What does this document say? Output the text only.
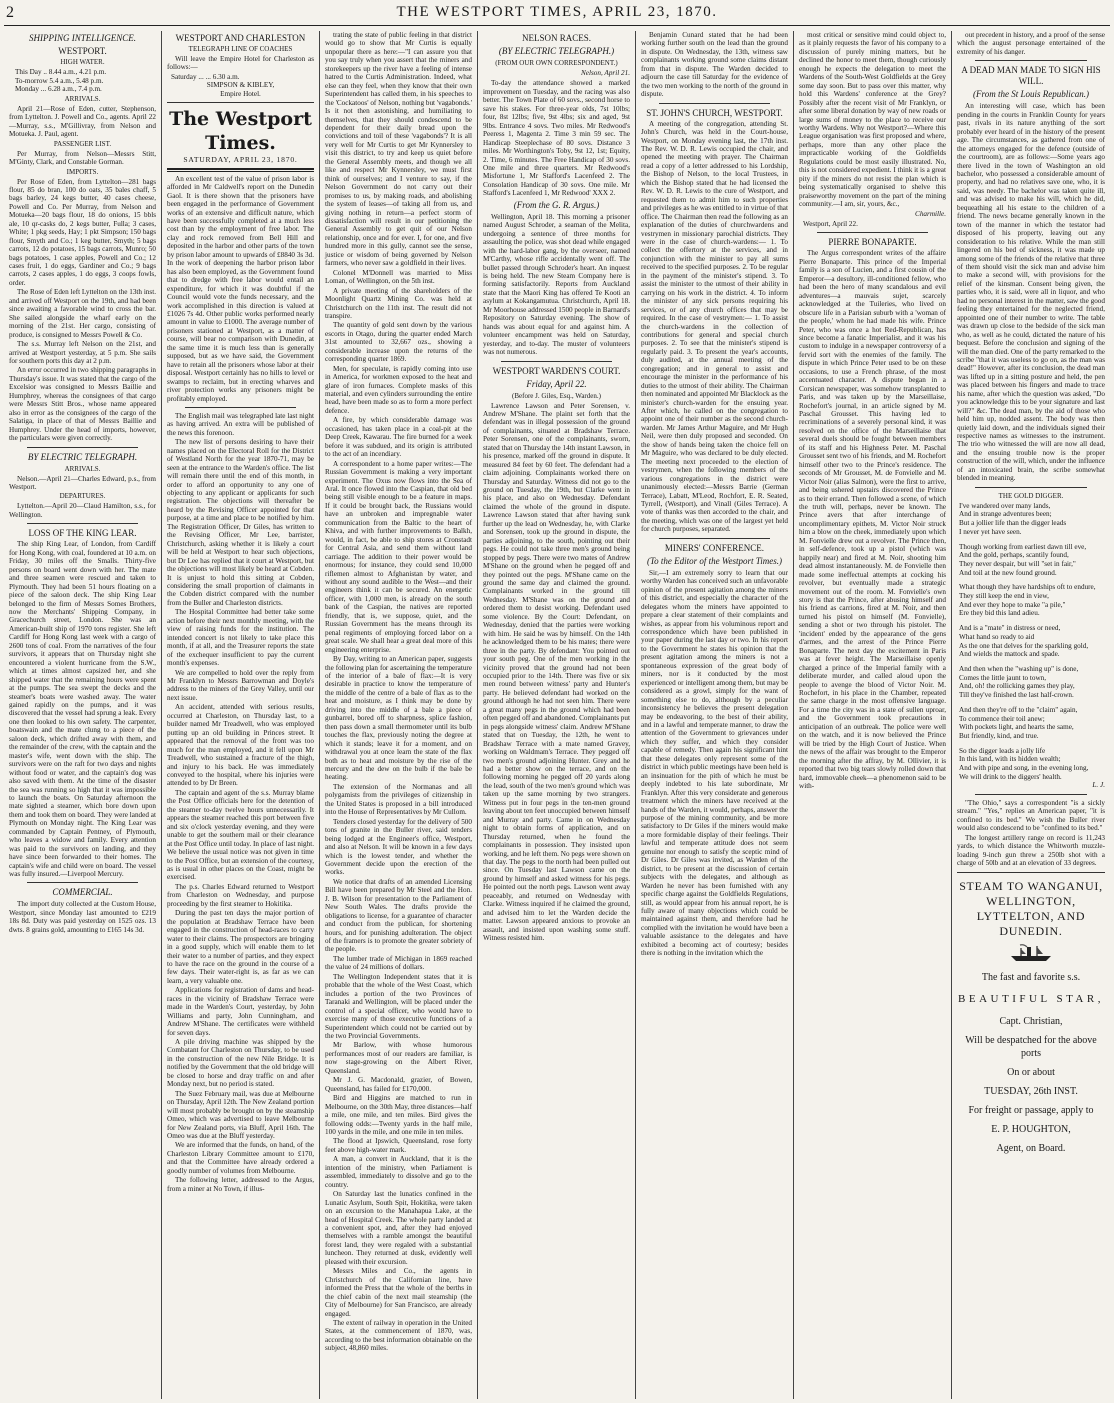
2	THE WESTPORT TIMES, APRIL 23, 1870.
SHIPPING INTELLIGENCE.
WESTPORT.
HIGH WATER.
This Day .. 8.44 a.m., 4.21 p.m.
To-morrow 5.4 a.m., 5.48 p.m.
Monday ... 6.28 a.m., 7.4 p.m.
ARRIVALS.

April 21—Rose of Eden, cutter, Stephenson, from Lyttelton. J. Powell and Co., agents. April 22—Murray, s.s., M'Gillivray, from Nelson and Motueka. J. Paul, agent.

PASSENGER LIST.

Per Murray, from Nelson—Messrs Stitt, M'Ginty, Clark, and Constable Gorman.

IMPORTS.

Per Rose of Eden, from Lyttelton—281 bags flour, 85 do bran, 100 do oats, 35 bales chaff, 5 bags barley, 24 kegs butter, 40 cases cheese, Powell and Co. Per Murray, from Nelson and Motueka—20 bags flour, 18 do onions, 15 bbls ale, 10 qr-casks do, 2 kegs butter, Fulla; 3 cases, White; 1 pkg seeds, Hay; 1 pkt Simpson; 150 bags flour, Smyth and Co.; 1 keg butter, Smyth; 5 bags carrots, 12 do potatoes, 15 bags carrots, Munro; 50 bags potatoes, 1 case apples, Powell and Co.; 12 cases fruit, 1 do eggs, Gardiner and Co.; 9 bags carrots, 2 cases apples, 1 do eggs, 3 coops fowls, order.

The Rose of Eden left Lyttelton on the 13th inst. and arrived off Westport on the 19th, and had been since awaiting a favorable wind to cross the bar. She sailed alongside the wharf early on the morning of the 21st. Her cargo, consisting of produce, is consigned to Messrs Powell & Co.

The s.s. Murray left Nelson on the 21st, and arrived at Westport yesterday, at 5 p.m. She sails for southern ports this day at 2 p.m.

An error occurred in two shipping paragraphs in Thursday's issue. It was stated that the cargo of the Excelsior was consigned to Messrs Baillie and Humphrey, whereas the consignees of that cargo were Messrs Stitt Bros., whose name appeared also in error as the consignees of the cargo of the Salatiga, in place of that of Messrs Baillie and Humphrey. Under the head of imports, however, the particulars were given correctly.

BY ELECTRIC TELEGRAPH.
ARRIVALS.

Nelson.—April 21—Charles Edward, p.s., from Westport.

DEPARTURES.

Lyttelton.—April 20—Claud Hamilton, s.s., for Wellington.

LOSS OF THE KING LEAR.

The ship King Lear, of London, from Cardiff for Hong Kong, with coal, foundered at 10 a.m. on Friday, 30 miles off the Smalls. Thirty-five persons on board went down with her. The mate and three seamen were rescued and taken to Plymouth. They had been 51 hours floating on a piece of the saloon deck. The ship King Lear belonged to the firm of Messrs Somes Brothers, now the Merchants' Shipping Company, in Gracechurch street, London. She was an American-built ship of 1970 tons register. She left Cardiff for Hong Kong last week with a cargo of 2600 tons of coal. From the narratives of the four survivors, it appears that on Thursday night she encountered a violent hurricane from the S.W., which at times almost capsized her, and she shipped water that the remaining hours were spent at the pumps. The sea swept the decks and the steamer's boats were washed away. The water gained rapidly on the pumps, and it was discovered that the vessel had sprung a leak. Every one then looked to his own safety. The carpenter, boatswain and the mate clung to a piece of the saloon deck, which drifted away with them, and the remainder of the crew, with the captain and the master's wife, went down with the ship. The survivors were on the raft for two days and nights without food or water, and the captain's dog was also saved with them. At the time of the disaster the sea was running so high that it was impossible to launch the boats. On Saturday afternoon the mate sighted a steamer, which bore down upon them and took them on board. They were landed at Plymouth on Monday night. The King Lear was commanded by Captain Pentney, of Plymouth, who leaves a widow and family. Every attention was paid to the survivors on landing, and they have since been forwarded to their homes. The captain's wife and child were on board. The vessel was fully insured.—Liverpool Mercury.

COMMERCIAL.

The import duty collected at the Custom House, Westport, since Monday last amounted to £219 18s 8d. Duty was paid yesterday on 1525 ozs. 13 dwts. 8 grains gold, amounting to £165 14s 3d.

WESTPORT AND CHARLESTON
TELEGRAPH LINE OF COACHES

Will leave the Empire Hotel for Charleston as follows:—

Saturday ... ... 6.30 a.m.
SIMPSON & KIBLEY,
Empire Hotel.
The Westport Times.
SATURDAY, APRIL 23, 1870.

An excellent test of the value of prison labor is afforded in Mr Caldwell's report on the Dunedin Gaol. It is there shown that the prisoners have been engaged in the performance of Government works of an extensive and difficult nature, which have been successfully completed at a much less cost than by the employment of free labor. The clay and rock removed from Bell Hill and deposited in the harbor and other parts of the town by prison labor amount to upwards of £8840 3s 3d. In the work of deepening the harbor prison labor has also been employed, as the Government found that to dredge with free labor would entail an expenditure, for which it was doubtful if the Council would vote the funds necessary, and the work accomplished in this direction is valued at £1026 7s 4d. Other public works performed nearly amount in value to £1000. The average number of prisoners stationed at Westport, as a matter of course, will bear no comparison with Dunedin, at the same time it is much less than is generally supposed, but as we have said, the Government have to retain all the prisoners whose labor at their disposal. Westport certainly has no hills to level or swamps to reclaim, but in erecting wharves and river protection works any prisoners might be profitably employed.

The English mail was telegraphed late last night as having arrived. An extra will be published of the news this forenoon.

The new list of persons desiring to have their names placed on the Electoral Roll for the District of Westland North for the year 1870-71, may be seen at the entrance to the Warden's office. The list will remain there until the end of this month, in order to afford an opportunity to any one of objecting to any applicant or applicants for such registration. The objections will thereafter be heard by the Revising Officer appointed for that purpose, at a time and place to be notified by him. The Registration Officer, Dr Giles, has written to the Revising Officer, Mr Lee, barrister, Christchurch, asking whether it is likely a court will be held at Westport to hear such objections, but Dr Lee has replied that it court at Westport, but the objections will most likely be heard at Cobden. It is unjust to hold this sitting at Cobden, considering the small proportion of claimants in the Cobden district compared with the number from the Buller and Charleston districts.

The Hospital Committee had better take some action before their next monthly meeting, with the view of raising funds for the institution. The intended concert is not likely to take place this month, if at all, and the Treasurer reports the state of the exchequer insufficient to pay the current month's expenses.

We are compelled to hold over the reply from Mr Franklyn to Messrs Barrowman and Doyle's address to the miners of the Grey Valley, until our next issue.

An accident, attended with serious results, occurred at Charleston, on Thursday last, to a builder named Mr Treadwell, who was employed putting up an old building in Princes street. It appeared that the removal of the front was too much for the man employed, and it fell upon Mr Treadwell, who sustained a fracture of the thigh, and injury to his back. He was immediately conveyed to the hospital, where his injuries were attended to by Dr Breen.

The captain and agent of the s.s. Murray blame the Post Office officials here for the detention of the steamer to-day twelve hours unnecessarily. It appears the steamer reached this port between five and six o'clock yesterday evening, and they were unable to get the southern mail or their clearance at the Post Office until today. In place of last night. We believe the usual notice was not given in time to the Post Office, but an extension of the courtesy, as is usual in other places on the Coast, might be exercised.

The p.s. Charles Edward returned to Westport from Charleston on Wednesday, and purpose proceeding by the first steamer to Hokitika.

During the past ten days the major portion of the population at Bradshaw Terrace have been engaged in the construction of head-races to carry water to their claims. The prospectors are bringing in a good supply, which will enable them to let their water to a number of parties, and they expect to have the race on the ground in the course of a few days. Their water-right is, as far as we can learn, a very valuable one.

Applications for registration of dams and head-races in the vicinity of Bradshaw Terrace were made in the Warden's Court, yesterday, by John Williams and party, John Cunningham, and Andrew M'Shane. The certificates were withheld for seven days.

A pile driving machine was shipped by the Combatant for Charleston on Thursday, to be used in the construction of the new Nile Bridge. It is notified by the Government that the old bridge will be closed to horse and dray traffic on and after Monday next, but no period is stated.

The Suez February mail, was due at Melbourne on Thursday, April 12th. The New Zealand portion will most probably be brought on by the steamship Omeo, which was advertised to leave Melbourne for New Zealand ports, via Bluff, April 16th. The Omeo was due at the Bluff yesterday.

We are informed that the funds, on hand, of the Charleston Library Committee amount to £170, and that the Committee have already ordered a goodly number of volumes from Melbourne.

The following letter, addressed to the Argus, from a miner at No Town, if illus-

trating the state of public feeling in that district would go to show that Mr Curtis is equally unpopular there as here:—"I can assure you that you say truly when you assert that the miners and storekeepers up the river have a feeling of intense hatred to the Curtis Administration. Indeed, what else can they feel, when they know that their own Superintendent has called them, in his speeches to the 'Cockatoos' of Nelson, nothing but 'vagabonds.' Is it not then astonishing, and humiliating to themselves, that they should condescend to be dependent for their daily bread upon the convictions and toil of these 'vagabonds'? It is all very well for Mr Curtis to get Mr Kynnersley to visit this district, to try and keep us quiet before the General Assembly meets, and though we all like and respect Mr Kynnersley, we must first think of ourselves; and I venture to say, if the Nelson Government do not carry out their promises to us, by making roads, and abolishing the system of leases—of taking all from us, and giving nothing in return—a perfect storm of dissatisfaction will result in our petitioning the General Assembly to get quit of our Nelson relationship, once and for ever. I, for one, and five hundred more in this gully, cannot see the sense, justice or wisdom of being governed by Nelson farmers, who never saw a goldfield in their lives.

Colonel M'Donnell was married to Miss Loman, of Wellington, on the 5th inst.

A private meeting of the shareholders of the Moonlight Quartz Mining Co. was held at Christchurch on the 11th inst. The result did not transpire.

The quantity of gold sent down by the various escorts in Otago, during the quarter ended March 31st amounted to 32,667 ozs., showing a considerable increase upon the returns of the corresponding quarter 1869.

Men, for speculate, is rapidly coming into use in America, for workmen exposed to the heat and glare of iron furnaces. Complete masks of this material, and even cylinders surrounding the entire head, have been made so as to form a more perfect defence.

A fire, by which considerable damage was occasioned, has taken place in a coal-pit at the Deep Creek, Kawarau. The fire burned for a week before it was subdued, and its origin is attributed to the act of an incendiary.

A correspondent to a home paper writes:—The Russian Government is making a very important experiment. The Oxus now flows into the Sea of Aral. It once flowed into the Caspian, that old bed being still visible enough to be a feature in maps. If it could be brought back, the Russians would have an unbroken and impregnable water communication from the Baltic to the heart of Khiva, and with further improvements to Balkh, would, in fact, be able to ship stores at Cronstadt for Central Asia, and send them without land carriage. The addition to their power would be enormous; for instance, they could send 10,000 riflemen almost to Afghanistan by water, and without any sound audible to the West—and their engineers think it can be secured. An energetic officer, with 1,000 men, is already on the south bank of the Caspian, the natives are reported friendly, that is, we suppose, quiet, and the Russian Government has the means through its penal regiments of employing forced labor on a great scale. We shall hear a great deal more of this engineering enterprise.

By Day, writing to an American paper, suggests the following plan for ascertaining the temperature of the interior of a bale of flax:—It is very desirable in practice to know the temperature of the middle of the centre of a bale of flax as to the heat and moisture, as I think may be done by driving into the middle of a bale a piece of gunbarrel, bored off to sharpness, splice fashion, then pass down a small thermometer until its bulb touches the flax, previously noting the degree at which it stands; leave it for a moment, and on withdrawal you at once learn the state of the flax both as to heat and moisture by the rise of the mercury and the dew on the bulb if the bale be heating.

The extension of the Normanas and all polygamists from the privileges of citizenship in the United States is proposed in a bill introduced into the House of Representatives by Mr Cullom.

Tenders closed yesterday for the delivery of 500 tons of granite in the Buller river, said tenders being lodged at the Engineer's office, Westport, and also at Nelson. It will be known in a few days which is the lowest tender, and whether the Government decide upon the erection of the works.

We notice that drafts of an amended Licensing Bill have been prepared by Mr Steel and the Hon. J. B. Wilson for presentation to the Parliament of New South Wales. The drafts provide the obligations to license, for a guarantee of character and conduct from the publican, for shortening hours, and for punishing adulteration. The object of the framers is to promote the greater sobriety of the people.

The lumber trade of Michigan in 1869 reached the value of 24 millions of dollars.

The Wellington Independent states that it is probable that the whole of the West Coast, which includes a portion of the two Provinces of Taranaki and Wellington, will be placed under the control of a special officer, who would have to exercise many of those executive functions of a Superintendent which could not be carried out by the two Provincial Governments.

Mr Barlow, with whose humorous performances most of our readers are familiar, is now stage-growing on the Albert River, Queensland.

Mr J. G. Macdonald, grazier, of Bowen, Queensland, has failed for £170,000.

Bird and Higgins are matched to run in Melbourne, on the 30th May, three distances—half a mile, one mile, and ten miles. Bird gives the following odds:—Twenty yards in the half mile, 100 yards in the mile, and one mile in ten miles.

The flood at Ipswich, Queensland, rose forty feet above high-water mark.

A man, a convert in Auckland, that it is the intention of the ministry, when Parliament is assembled, immediately to dissolve and go to the country.

On Saturday last the lunatics confined in the Lunatic Asylum, South Spit, Hokitika, were taken on an excursion to the Manahapua Lake, at the head of Hospital Creek. The whole party landed at a convenient spot, and, after they had enjoyed themselves with a ramble amongst the beautiful forest land, they were regaled with a substantial luncheon. They returned at dusk, evidently well pleased with their excursion.

Messrs Miles and Co., the agents in Christchurch of the Californian line, have informed the Press that the whole of the berths in the chief cabin of the next mail steamship (the City of Melbourne) for San Francisco, are already engaged.

The extent of railway in operation in the United States, at the commencement of 1870, was, according to the best information obtainable on the subject, 48,860 miles.

NELSON RACES.
(BY ELECTRIC TELEGRAPH.)
(FROM OUR OWN CORRESPONDENT.)
Nelson, April 21.

To-day the attendance showed a marked improvement on Tuesday, and the racing was also better. The Town Plate of 60 sovs., second horse to save his stakes. For three-year olds, 7st 10lbs; four, 8st 12lbs; five, 9st 4lbs; six and aged, 9st 9lbs. Entrance 4 sovs. Two miles. Mr Redwood's Peeress 1, Magenta 2. Time 3 min 59 sec. The Handicap Steeplechase of 80 sovs. Distance 3 miles. Mr Worthington's Toby, 9st 12, 1st; Equity, 2. Time, 6 minutes. The Free Handicap of 30 sovs. One mile and three quarters. Mr Redwood's Misfortune 1, Mr Stafford's Lacenfeed 2. The Consolation Handicap of 30 sovs. One mile. Mr Stafford's Lacenfeed 1, Mr Redwood' XXX 2.

(From the G. R. Argus.)

Wellington, April 18. This morning a prisoner named August Schroder, a seaman of the Melita, undergoing a sentence of three months for assaulting the police, was shot dead while engaged with the hard-labor gang, by the overseer, named M'Carthy, whose rifle accidentally went off. The bullet passed through Schroder's heart. An inquest is being held. The new Steam Company here is forming satisfactorily. Reports from Auckland state that the Maori King has offered Te Kooti an asylum at Kokangamutua. Christchurch, April 18. Mr Moorhouse addressed 1500 people in Barnard's Repository on Saturday evening. The show of hands was about equal for and against him. A volunteer encampment was held on Saturday, yesterday, and to-day. The muster of volunteers was not numerous.

WESTPORT WARDEN'S COURT.
Friday, April 22.
(Before J. Giles, Esq., Warden.)

Lawrence Lawson and Peter Sorensen, v. Andrew M'Shane. The plaint set forth that the defendant was in illegal possession of the ground of complainants, situated at Bradshaw Terrace. Peter Sorensen, one of the complainants, sworn, stated that on Thursday the 14th instant Lawson, in his presence, marked off the ground in dispute. It measured 84 feet by 60 feet. The defendant had a claim adjoining. Complainants worked there on Thursday and Saturday. Witness did not go to the ground on Tuesday, the 19th, but Clarke went in his place, and also on Wednesday. Defendant claimed the whole of the ground in dispute. Lawrence Lawson stated that after having sunk further up the lead on Wednesday, he, with Clarke and Sorensen, took up the ground in dispute, the parties adjoining, to the south, pointing out their pegs. He could not take three men's ground being stopped by pegs. There were two mates of Andrew M'Shane on the ground when he pegged off and they pointed out the pegs. M'Shane came on the ground the same day and claimed the ground. Complainants worked in the ground till Wednesday. M'Shane was on the ground and ordered them to desist working. Defendant used some violence. By the Court: Defendant, on Wednesday, denied that the parties were working with him. He said he was by himself. On the 14th he acknowledged them to be his mates; there were three in the party. By defendant: You pointed out your south peg. One of the men working in the vicinity proved that the ground had not been occupied prior to the 14th. There was five or six men round between witness' party and Hunter's party. He believed defendant had worked on the ground although he had not seen him. There were a great many pegs in the ground which had been often pegged off and abandoned. Complainants put in pegs alongside witness' claim. Andrew M'Shane stated that on Tuesday, the 12th, he went to Bradshaw Terrace with a mate named Gravey, working on Waldmam's Terrace. They pegged off two men's ground adjoining Hunter. Grey and he had a better show on the terrace, and on the following morning he pegged off 20 yards along the lead, south of the two men's ground which was taken up the same morning by two strangers. Witness put in four pegs in the ten-men ground leaving about ten feet unoccupied between himself and Murray and party. Came in on Wednesday night to obtain forms of application, and on Thursday returned, when he found the complainants in possession. They insisted upon working, and he left them. No pegs were shown on that day. The pegs to the north had been pulled out since. On Tuesday last Lawson came on the ground by himself and asked witness for his pegs. He pointed out the north pegs. Lawson went away peaceably, and returned on Wednesday with Clarke. Witness inquired if he claimed the ground, and advised him to let the Warden decide the matter. Lawson appeared anxious to provoke an assault, and insisted upon washing some stuff. Witness resisted him.

Benjamin Cunard stated that he had been working further south on the lead than the ground in dispute. On Wednesday, the 13th, witness saw complainants working ground some claims distant from that in dispute. The Warden decided to adjourn the case till Saturday for the evidence of the two men working to the north of the ground in dispute.

ST. JOHN'S CHURCH, WESTPORT.

A meeting of the congregation, attending St. John's Church, was held in the Court-house, Westport, on Monday evening last, the 17th inst. The Rev. W. D. R. Lewis occupied the chair, and opened the meeting with prayer. The Chairman read a copy of a letter addressed to his Lordship, the Bishop of Nelson, to the local Trustees, in which the Bishop stated that he had licensed the Rev. W. D. R. Lewis to the cure of Westport, and requested them to admit him to such properties and privileges as he was entitled to in virtue of that office. The Chairman then read the following as an explanation of the duties of churchwardens and vestrymen in missionary parochial districts. They were in the case of church-wardens:— 1. To collect the offertory at the services, and in conjunction with the minister to pay all sums received to the specified purposes. 2. To be regular in the payment of the minister's stipend. 3. To assist the minister to the utmost of their ability in carrying on his work in the district. 4. To inform the minister of any sick persons requiring his services, or of any church offices that may be required. In the case of vestrymen:— 1. To assist the church-wardens in the collection of contributions for general and special church purposes. 2. To see that the minister's stipend is regularly paid. 3. To present the year's accounts, duly audited, at the annual meeting of the congregation; and in general to assist and encourage the minister in the performance of his duties to the utmost of their ability. The Chairman then nominated and appointed Mr Blacklock as the minister's church-warden for the ensuing year. After which, he called on the congregation to appoint one of their number as the second church-warden. Mr James Arthur Maguire, and Mr Hugh Neil, were then duly proposed and seconded. On the show of hands being taken the choice fell on Mr Maguire, who was declared to be duly elected. The meeting next proceeded to the election of vestrymen, when the following members of the various congregations in the district were unanimously elected:—Messrs Barrie (German Terrace), Labatt, M'Leod, Rochfort, E. R. Seated, Tyrrell, (Westport), and Vinall (Giles Terrace). A vote of thanks was then accorded to the chair, and the meeting, which was one of the largest yet held for church purposes, separated.

MINERS' CONFERENCE.
(To the Editor of the Westport Times.)

Sir,—I am extremely sorry to learn that our worthy Warden has conceived such an unfavorable opinion of the present agitation among the miners of this district, and especially the character of the delegates whom the miners have appointed to prepare a clear statement of their complaints and wishes, as appear from his voluminous report and correspondence which have been published in your paper during the last day or two. In his report to the Government he states his opinion that the present agitation among the miners is not a spontaneous expression of the great body of miners, nor is it conducted by the most experienced or intelligent among them, but may be considered as a growl, simply for the want of something else to do, although by a peculiar inconsistency he believes the present delegation may be endeavoring, to the best of their ability, and in a lawful and temperate manner, to draw the attention of the Government to grievances under which they suffer, and which they consider capable of remedy. Then again his significant hint that these delegates only represent some of the district in which public meetings have been held is an insinuation for the pith of which he must be deeply indebted to his late subordinate, Mr Franklyn. After this very considerate and generous treatment which the miners have received at the hands of the Warden, it would, perhaps, answer the purpose of the mining community, and be more satisfactory to Dr Giles if the miners would make a more formidable display of their feelings. Their lawful and temperate attitude does not seem genuine nor enough to satisfy the sceptic mind of Dr Giles. Dr Giles was invited, as Warden of the district, to be present at the discussion of certain subjects with the delegates, and although as Warden he never has been furnished with any specific charge against the Goldfields Regulations, still, as would appear from his annual report, he is fully aware of many objections which could be maintained against them, and therefore had he complied with the invitation he would have been a valuable assistance to the delegates and have exhibited a becoming act of courtesy; besides there is nothing in the invitation which the

most critical or sensitive mind could object to, as it plainly requests the favor of his company to a discussion of purely mining matters, but he declined the honor to meet them, though curiously enough he expects the delegation to meet the Wardens of the South-West Goldfields at the Grey some day soon. But to pass over this matter, why hold this Wardens' conference at the Grey? Possibly after the recent visit of Mr Franklyn, or after some liberal donation by way of new roads or large sums of money to the place to receive our worthy Wardens. Why not Westport?—Where this League organisation was first proposed and where, perhaps, more than any other place the impracticable working of the Goldfields Regulations could be most easily illustrated. No, this is not considered expedient. I think it is a great pity if the miners do not resist the plan which is being systematically organised to shelve this praiseworthy movement on the part of the mining community.—I am, sir, yours, &c.,

Charmille.
Westport, April 22.
PIERRE BONAPARTE.

The Argus correspondent writes of the affaire Pierre Bonaparte. This prince of the Imperial family is a son of Lucien, and a first cousin of the Emperor—a desultory, ill-conditioned fellow, who had been the hero of many scandalous and evil adventures—a mauvais sujet, scarcely acknowledged at the Tuileries, who lived on obscure life in a Parisian suburb with a 'woman of the people,' whom he had made his wife. Prince Peter, who was once a hot Red-Republican, has since become a fanatic Imperialist, and it was his custom to indulge in a newspaper controversy of a fervid sort with the enemies of the family. The dispute in which Prince Peter used to be on these occasions, to use a French phrase, of the most accentuated character. A dispute began in a Corsican newspaper, was somehow transplanted to Paris, and was taken up by the Marseillaise, Rochefort's journal, in an article signed by M. Paschal Grousset. This having led to recriminations of a severely personal kind, it was resolved on the office of the Marseillaise that several duels should be fought between members of its staff and his Highness Peter. M. Paschal Grousset sent two of his friends, and M. Rochefort himself other two to the Prince's residence. The seconds of Mr Grousset, M. de Fonvielle and M. Victor Noir (alias Salmon), were the first to arrive, and being ushered upstairs discovered the Prince as to their errand. Then followed a scene, of which the truth will, perhaps, never be known. The Prince avers that after interchange of uncomplimentary epithets, M. Victor Noir struck him a blow on the cheek, immediately upon which M. Fonvielle drew out a revolver. The Prince then, in self-defence, took up a pistol (which was happily near) and fired at M. Noir, shooting him dead almost instantaneously. M. de Fonvielle then made some ineffectual attempts at cocking his revolver, but eventually made a strategic movement out of the room. M. Fonvielle's own story is that the Prince, after abusing himself and his friend as carrions, fired at M. Noir, and then turned his pistol on himself (M. Fonvielle), sending a shot or two through his pistolet. The 'incident' ended by the appearance of the gens d'armes, and the arrest of the Prince Pierre Bonaparte. The next day the excitement in Paris was at fever height. The Marseillaise openly charged a prince of the Imperial family with a deliberate murder, and called aloud upon the people to avenge the blood of Victor Noir. M. Rochefort, in his place in the Chamber, repeated the same charge in the most offensive language. For a time the city was in a state of sullen uproar, and the Government took precautions in anticipation of an outbreak. The police were well on the watch, and it is now believed the Prince will be tried by the High Court of Justice. When the news of the affair was brought to the Emperor the morning after the affray, by M. Ollivier, it is reported that two big tears slowly rolled down that hard, immovable cheek—a phenomenon said to be with-

out precedent in history, and a proof of the sense which the august personage entertained of the extremity of his danger.

A DEAD MAN MADE TO SIGN HIS WILL.
(From the St Louis Republican.)

An interesting will case, which has been pending in the courts in Franklin County for years past, rivals in its nature anything of the sort probably ever heard of in the history of the present age. The circumstances, as gathered from one of the attorneys engaged for the defence (outside of the courtroom), are as follows:—Some years ago there lived in the town of Washington an old bachelor, who possessed a considerable amount of property, and had no relatives save one, who, it is said, was needy. The bachelor was taken quite ill, and was advised to make his will, which he did, bequeathing all his estate to the children of a friend. The news became generally known in the town of the manner in which the testator had disposed of his property, leaving out any consideration to his relative. While the man still lingered on his bed of sickness, it was made up among some of the friends of the relative that three of them should visit the sick man and advise him to make a second will, with provisions for the relief of the kinsman. Consent being given, the parties who, it is said, were all in liquor, and who had no personal interest in the matter, saw the good feeling they entertained for the neglected friend, appointed one of their number to write. The table was drawn up close to the bedside of the sick man who, as well as he could, dictated the nature of his bequest. Before the conclusion and signing of the will the man died. One of the party remarked to the scribe "that it was useless to go on, as the man was dead!" However, after its conclusion, the dead man was lifted up in a sitting posture and held, the pen was placed between his fingers and made to trace his name, after which the question was asked, "Do you acknowledge this to be your signature and last will?" &c. The dead man, by the aid of those who held him up, nodded assent. The body was then quietly laid down, and the individuals signed their respective names as witnesses to the instrument. The trio who witnessed the will are now all dead, and the ensuing trouble now is the proper construction of the will, which, under the influence of an intoxicated brain, the scribe somewhat blended in meaning.

THE GOLD DIGGER.
I've wandered over many lands,
And in strange adventures been;
But a jollier life than the digger leads
I never yet have seen.
Though working from earliest dawn till eve,
And the gold, perhaps, scantily found,
They never despair, but will "set in fair,"
And toil at the new found ground.
What though they have hardships oft to endure,
They still keep the end in view,
And ever they hope to make "a pile,"
Ere they bid this land adieu.
And is a "mate" in distress or need,
What hand so ready to aid
As the one that delves for the sparkling gold,
And wields the mattock and spade.
And then when the "washing up" is done,
Comes the little jaunt to town,
And, oh! the rollicking games they play,
Till they've finished the last half-crown.
And then they're off to the "claim" again,
To commence their toil anew;
With pockets light, and hearts the same,
But friendly, kind, and true.
So the digger leads a jolly life
In this land, with its hidden wealth;
And with pipe and song, in the evening long,
We will drink to the diggers' health.
L. J.

"The Ohio," says a correspondent "is a sickly stream." "Yes," replies an American paper, "it is confined to its bed." We wish the Buller river would also condescend to be "confined to its bed."

The longest artillery range on record is 11,243 yards, to which distance the Whitworth muzzle-loading 9-inch gun threw a 250lb shot with a charge of 50lb and at an elevation of 33 degrees.

STEAM TO WANGANUI, WELLINGTON, LYTTELTON, AND DUNEDIN.
The fast and favorite s.s.
BEAUTIFUL STAR,
Capt. Christian,
Will be despatched for the above ports
On or about
TUESDAY, 26th INST.
For freight or passage, apply to
E. P. HOUGHTON,
Agent, on Board.
